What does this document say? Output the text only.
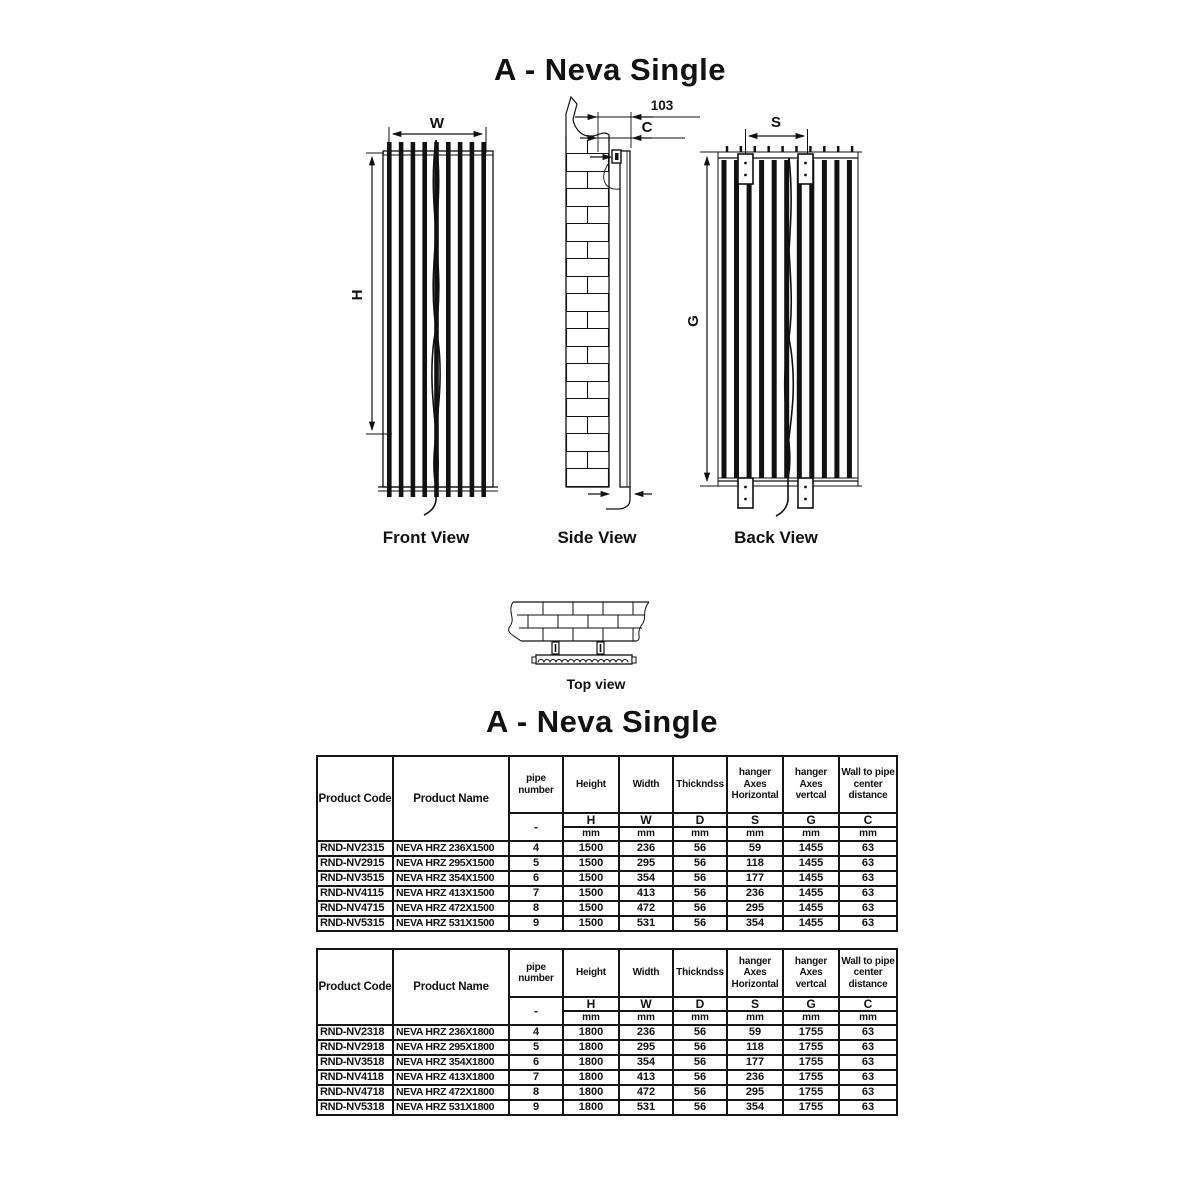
A - Neva Single
W
H
103
C	S
G
Front View	Side View	Back View
Top view
A - Neva Single
Product Code	Product Name	pipe number	Height	Width	Thickndss	hanger Axes Horizontal	hanger Axes vertcal	Wall to pipe center distance
		-	H	W	D	S	G	C
			mm	mm	mm	mm	mm	mm
RND-NV2315	NEVA HRZ 236X1500	4	1500	236	56	59	1455	63
RND-NV2915	NEVA HRZ 295X1500	5	1500	295	56	118	1455	63
RND-NV3515	NEVA HRZ 354X1500	6	1500	354	56	177	1455	63
RND-NV4115	NEVA HRZ 413X1500	7	1500	413	56	236	1455	63
RND-NV4715	NEVA HRZ 472X1500	8	1500	472	56	295	1455	63
RND-NV5315	NEVA HRZ 531X1500	9	1500	531	56	354	1455	63
Product Code	Product Name	pipe number	Height	Width	Thickndss	hanger Axes Horizontal	hanger Axes vertcal	Wall to pipe center distance
		-	H	W	D	S	G	C
			mm	mm	mm	mm	mm	mm
RND-NV2318	NEVA HRZ 236X1800	4	1800	236	56	59	1755	63
RND-NV2918	NEVA HRZ 295X1800	5	1800	295	56	118	1755	63
RND-NV3518	NEVA HRZ 354X1800	6	1800	354	56	177	1755	63
RND-NV4118	NEVA HRZ 413X1800	7	1800	413	56	236	1755	63
RND-NV4718	NEVA HRZ 472X1800	8	1800	472	56	295	1755	63
RND-NV5318	NEVA HRZ 531X1800	9	1800	531	56	354	1755	63
